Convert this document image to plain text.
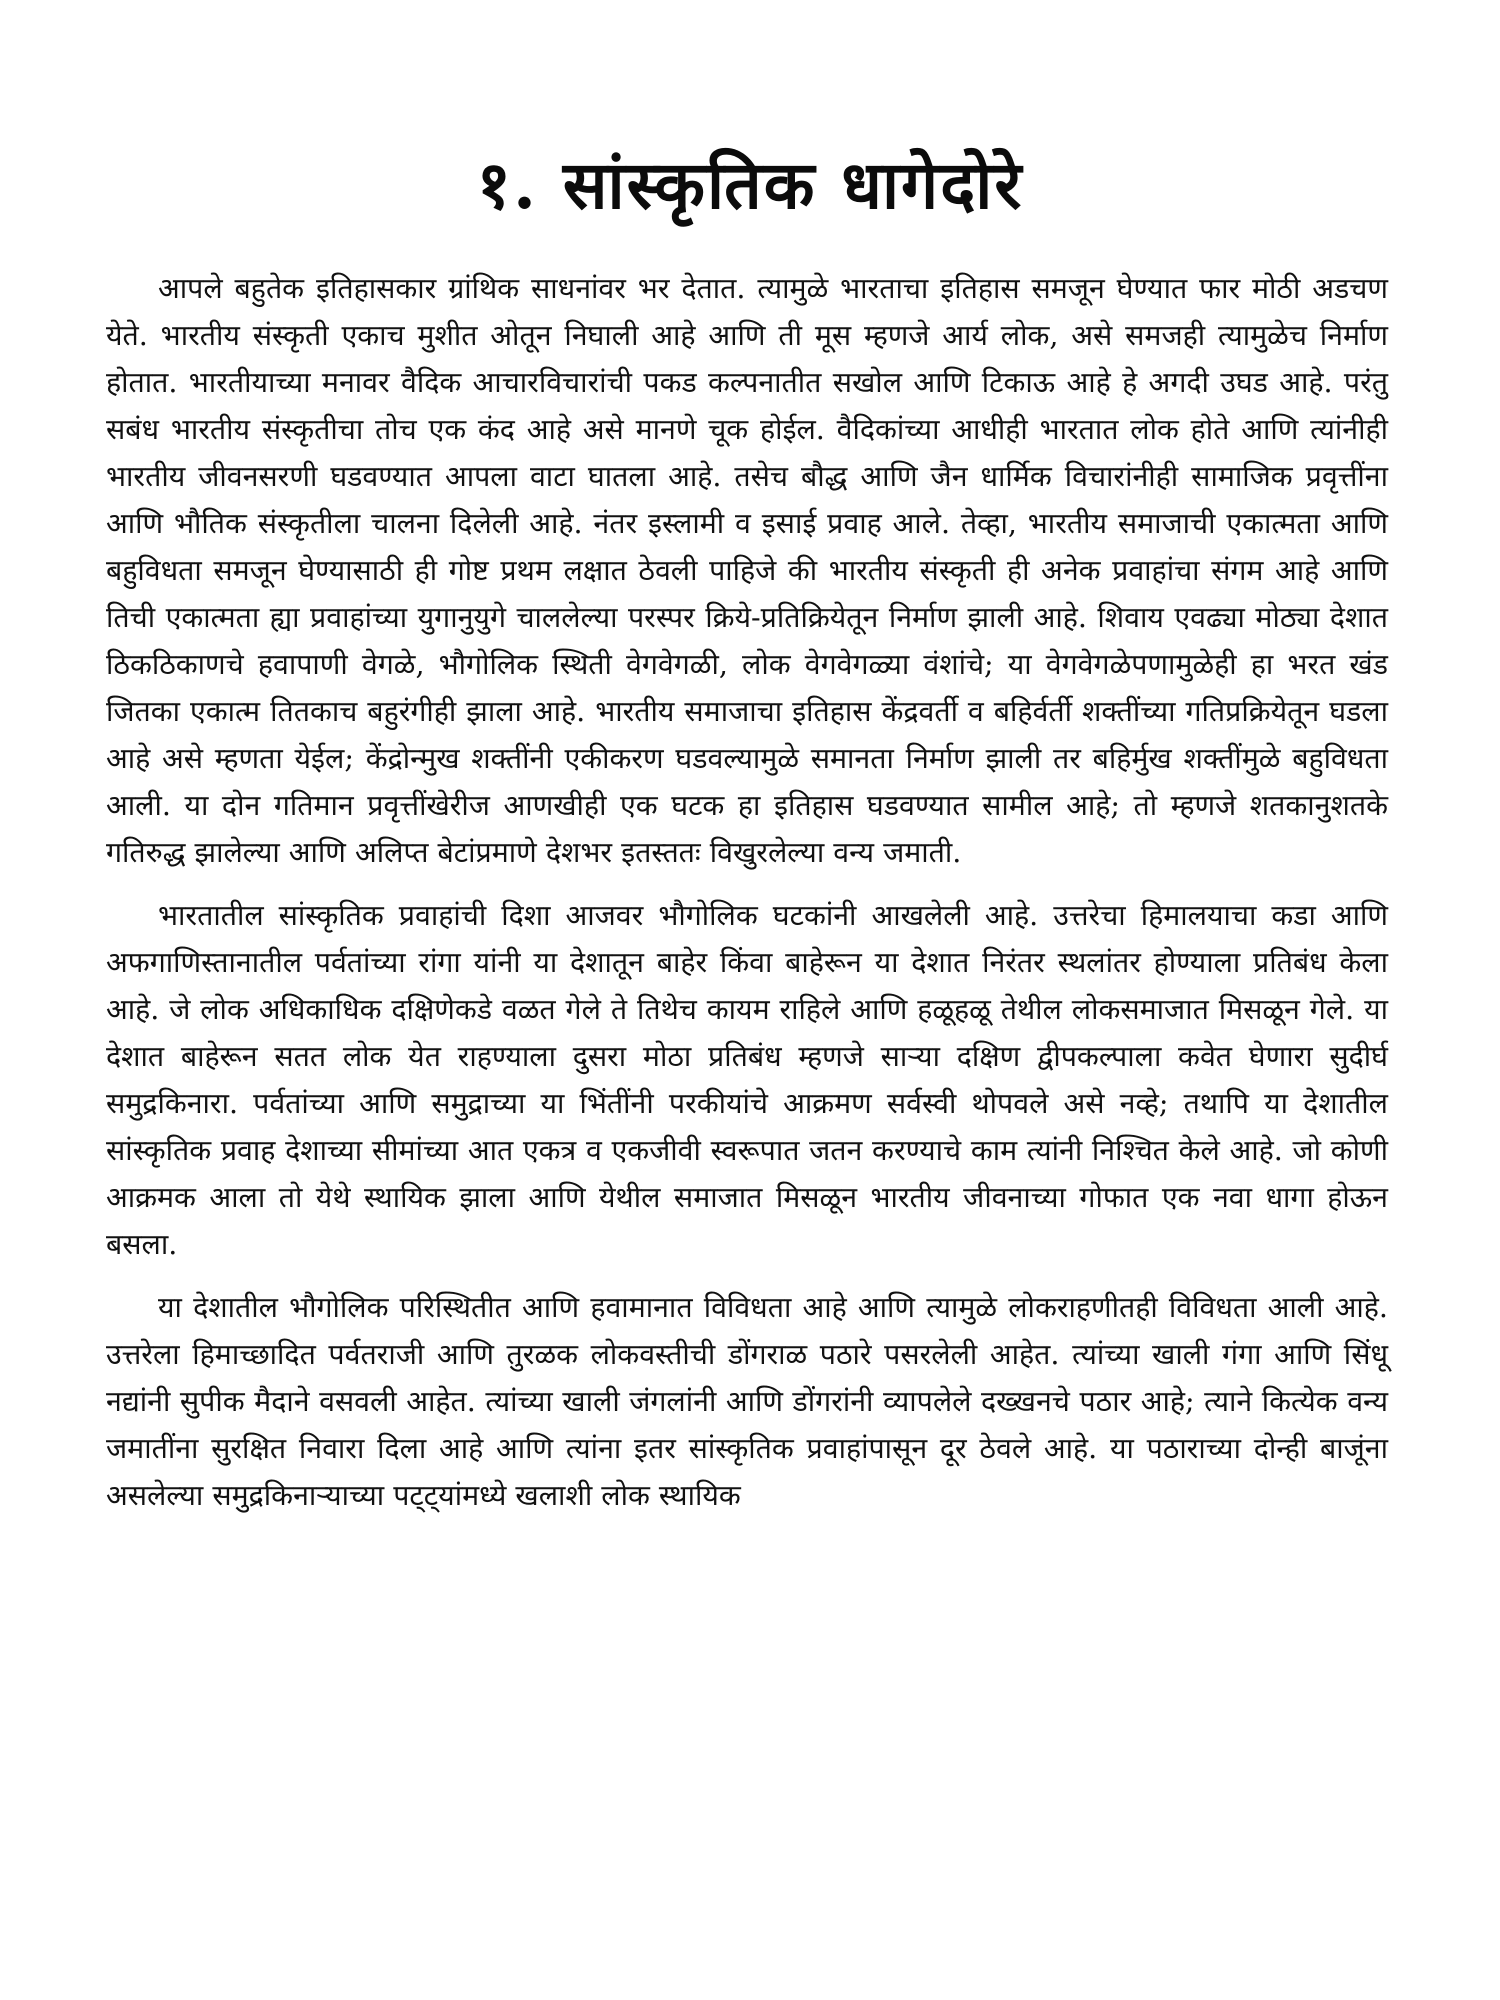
१. सांस्कृतिक धागेदोरे

आपले बहुतेक इतिहासकार ग्रांथिक साधनांवर भर देतात. त्यामुळे भारताचा इतिहास समजून घेण्यात फार मोठी अडचण येते. भारतीय संस्कृती एकाच मुशीत ओतून निघाली आहे आणि ती मूस म्हणजे आर्य लोक, असे समजही त्यामुळेच निर्माण होतात. भारतीयाच्या मनावर वैदिक आचारविचारांची पकड कल्पनातीत सखोल आणि टिकाऊ आहे हे अगदी उघड आहे. परंतु सबंध भारतीय संस्कृतीचा तोच एक कंद आहे असे मानणे चूक होईल. वैदिकांच्या आधीही भारतात लोक होते आणि त्यांनीही भारतीय जीवनसरणी घडवण्यात आपला वाटा घातला आहे. तसेच बौद्ध आणि जैन धार्मिक विचारांनीही सामाजिक प्रवृत्तींना आणि भौतिक संस्कृतीला चालना दिलेली आहे. नंतर इस्लामी व इसाई प्रवाह आले. तेव्हा, भारतीय समाजाची एकात्मता आणि बहुविधता समजून घेण्यासाठी ही गोष्ट प्रथम लक्षात ठेवली पाहिजे की भारतीय संस्कृती ही अनेक प्रवाहांचा संगम आहे आणि तिची एकात्मता ह्या प्रवाहांच्या युगानुयुगे चाललेल्या परस्पर क्रिये-प्रतिक्रियेतून निर्माण झाली आहे. शिवाय एवढ्या मोठ्या देशात ठिकठिकाणचे हवापाणी वेगळे, भौगोलिक स्थिती वेगवेगळी, लोक वेगवेगळ्या वंशांचे; या वेगवेगळेपणामुळेही हा भरत खंड जितका एकात्म तितकाच बहुरंगीही झाला आहे. भारतीय समाजाचा इतिहास केंद्रवर्ती व बहिर्वर्ती शक्तींच्या गतिप्रक्रियेतून घडला आहे असे म्हणता येईल; केंद्रोन्मुख शक्तींनी एकीकरण घडवल्यामुळे समानता निर्माण झाली तर बहिर्मुख शक्तींमुळे बहुविधता आली. या दोन गतिमान प्रवृत्तींखेरीज आणखीही एक घटक हा इतिहास घडवण्यात सामील आहे; तो म्हणजे शतकानुशतके गतिरुद्ध झालेल्या आणि अलिप्त बेटांप्रमाणे देशभर इतस्ततः विखुरलेल्या वन्य जमाती.

भारतातील सांस्कृतिक प्रवाहांची दिशा आजवर भौगोलिक घटकांनी आखलेली आहे. उत्तरेचा हिमालयाचा कडा आणि अफगाणिस्तानातील पर्वतांच्या रांगा यांनी या देशातून बाहेर किंवा बाहेरून या देशात निरंतर स्थलांतर होण्याला प्रतिबंध केला आहे. जे लोक अधिकाधिक दक्षिणेकडे वळत गेले ते तिथेच कायम राहिले आणि हळूहळू तेथील लोकसमाजात मिसळून गेले. या देशात बाहेरून सतत लोक येत राहण्याला दुसरा मोठा प्रतिबंध म्हणजे साऱ्या दक्षिण द्वीपकल्पाला कवेत घेणारा सुदीर्घ समुद्रकिनारा. पर्वतांच्या आणि समुद्राच्या या भिंतींनी परकीयांचे आक्रमण सर्वस्वी थोपवले असे नव्हे; तथापि या देशातील सांस्कृतिक प्रवाह देशाच्या सीमांच्या आत एकत्र व एकजीवी स्वरूपात जतन करण्याचे काम त्यांनी निश्चित केले आहे. जो कोणी आक्रमक आला तो येथे स्थायिक झाला आणि येथील समाजात मिसळून भारतीय जीवनाच्या गोफात एक नवा धागा होऊन बसला.

या देशातील भौगोलिक परिस्थितीत आणि हवामानात विविधता आहे आणि त्यामुळे लोकराहणीतही विविधता आली आहे. उत्तरेला हिमाच्छादित पर्वतराजी आणि तुरळक लोकवस्तीची डोंगराळ पठारे पसरलेली आहेत. त्यांच्या खाली गंगा आणि सिंधू नद्यांनी सुपीक मैदाने वसवली आहेत. त्यांच्या खाली जंगलांनी आणि डोंगरांनी व्यापलेले दख्खनचे पठार आहे; त्याने कित्येक वन्य जमातींना सुरक्षित निवारा दिला आहे आणि त्यांना इतर सांस्कृतिक प्रवाहांपासून दूर ठेवले आहे. या पठाराच्या दोन्ही बाजूंना असलेल्या समुद्रकिनाऱ्याच्या पट्ट्यांमध्ये खलाशी लोक स्थायिक
